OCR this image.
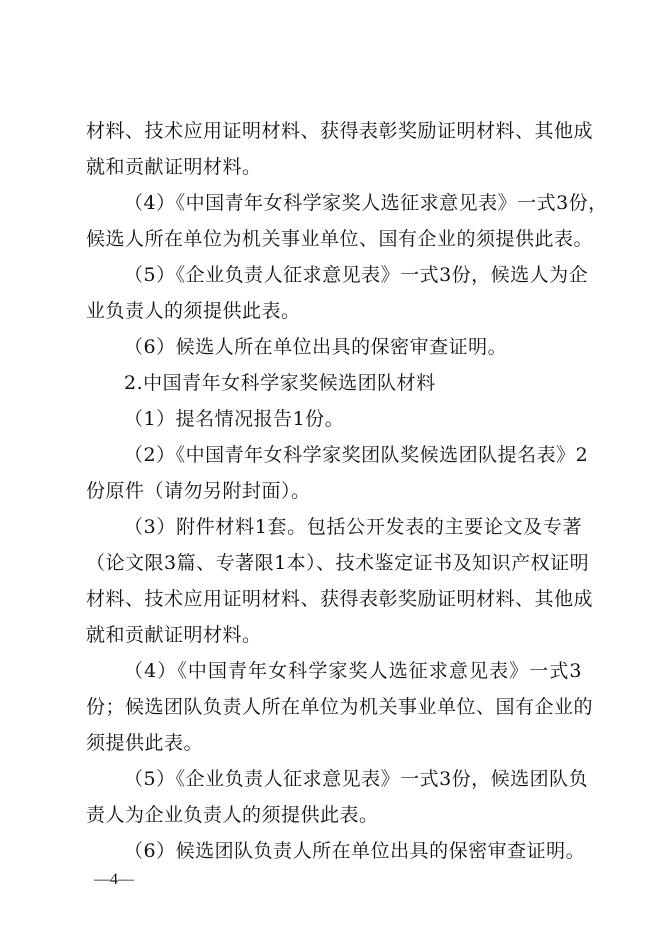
材料、技术应用证明材料、获得表彰奖励证明材料、其他成
就和贡献证明材料。
（4）《中国青年女科学家奖人选征求意见表》一式3份，
候选人所在单位为机关事业单位、国有企业的须提供此表。
（5）《企业负责人征求意见表》一式3份，候选人为企
业负责人的须提供此表。
（6）候选人所在单位出具的保密审查证明。
2.中国青年女科学家奖候选团队材料
（1）提名情况报告1份。
（2）《中国青年女科学家奖团队奖候选团队提名表》2
份原件（请勿另附封面）。
（3）附件材料1套。包括公开发表的主要论文及专著
（论文限3篇、专著限1本）、技术鉴定证书及知识产权证明
材料、技术应用证明材料、获得表彰奖励证明材料、其他成
就和贡献证明材料。
（4）《中国青年女科学家奖人选征求意见表》一式3
份；候选团队负责人所在单位为机关事业单位、国有企业的
须提供此表。
（5）《企业负责人征求意见表》一式3份，候选团队负
责人为企业负责人的须提供此表。
（6）候选团队负责人所在单位出具的保密审查证明。
—4—
